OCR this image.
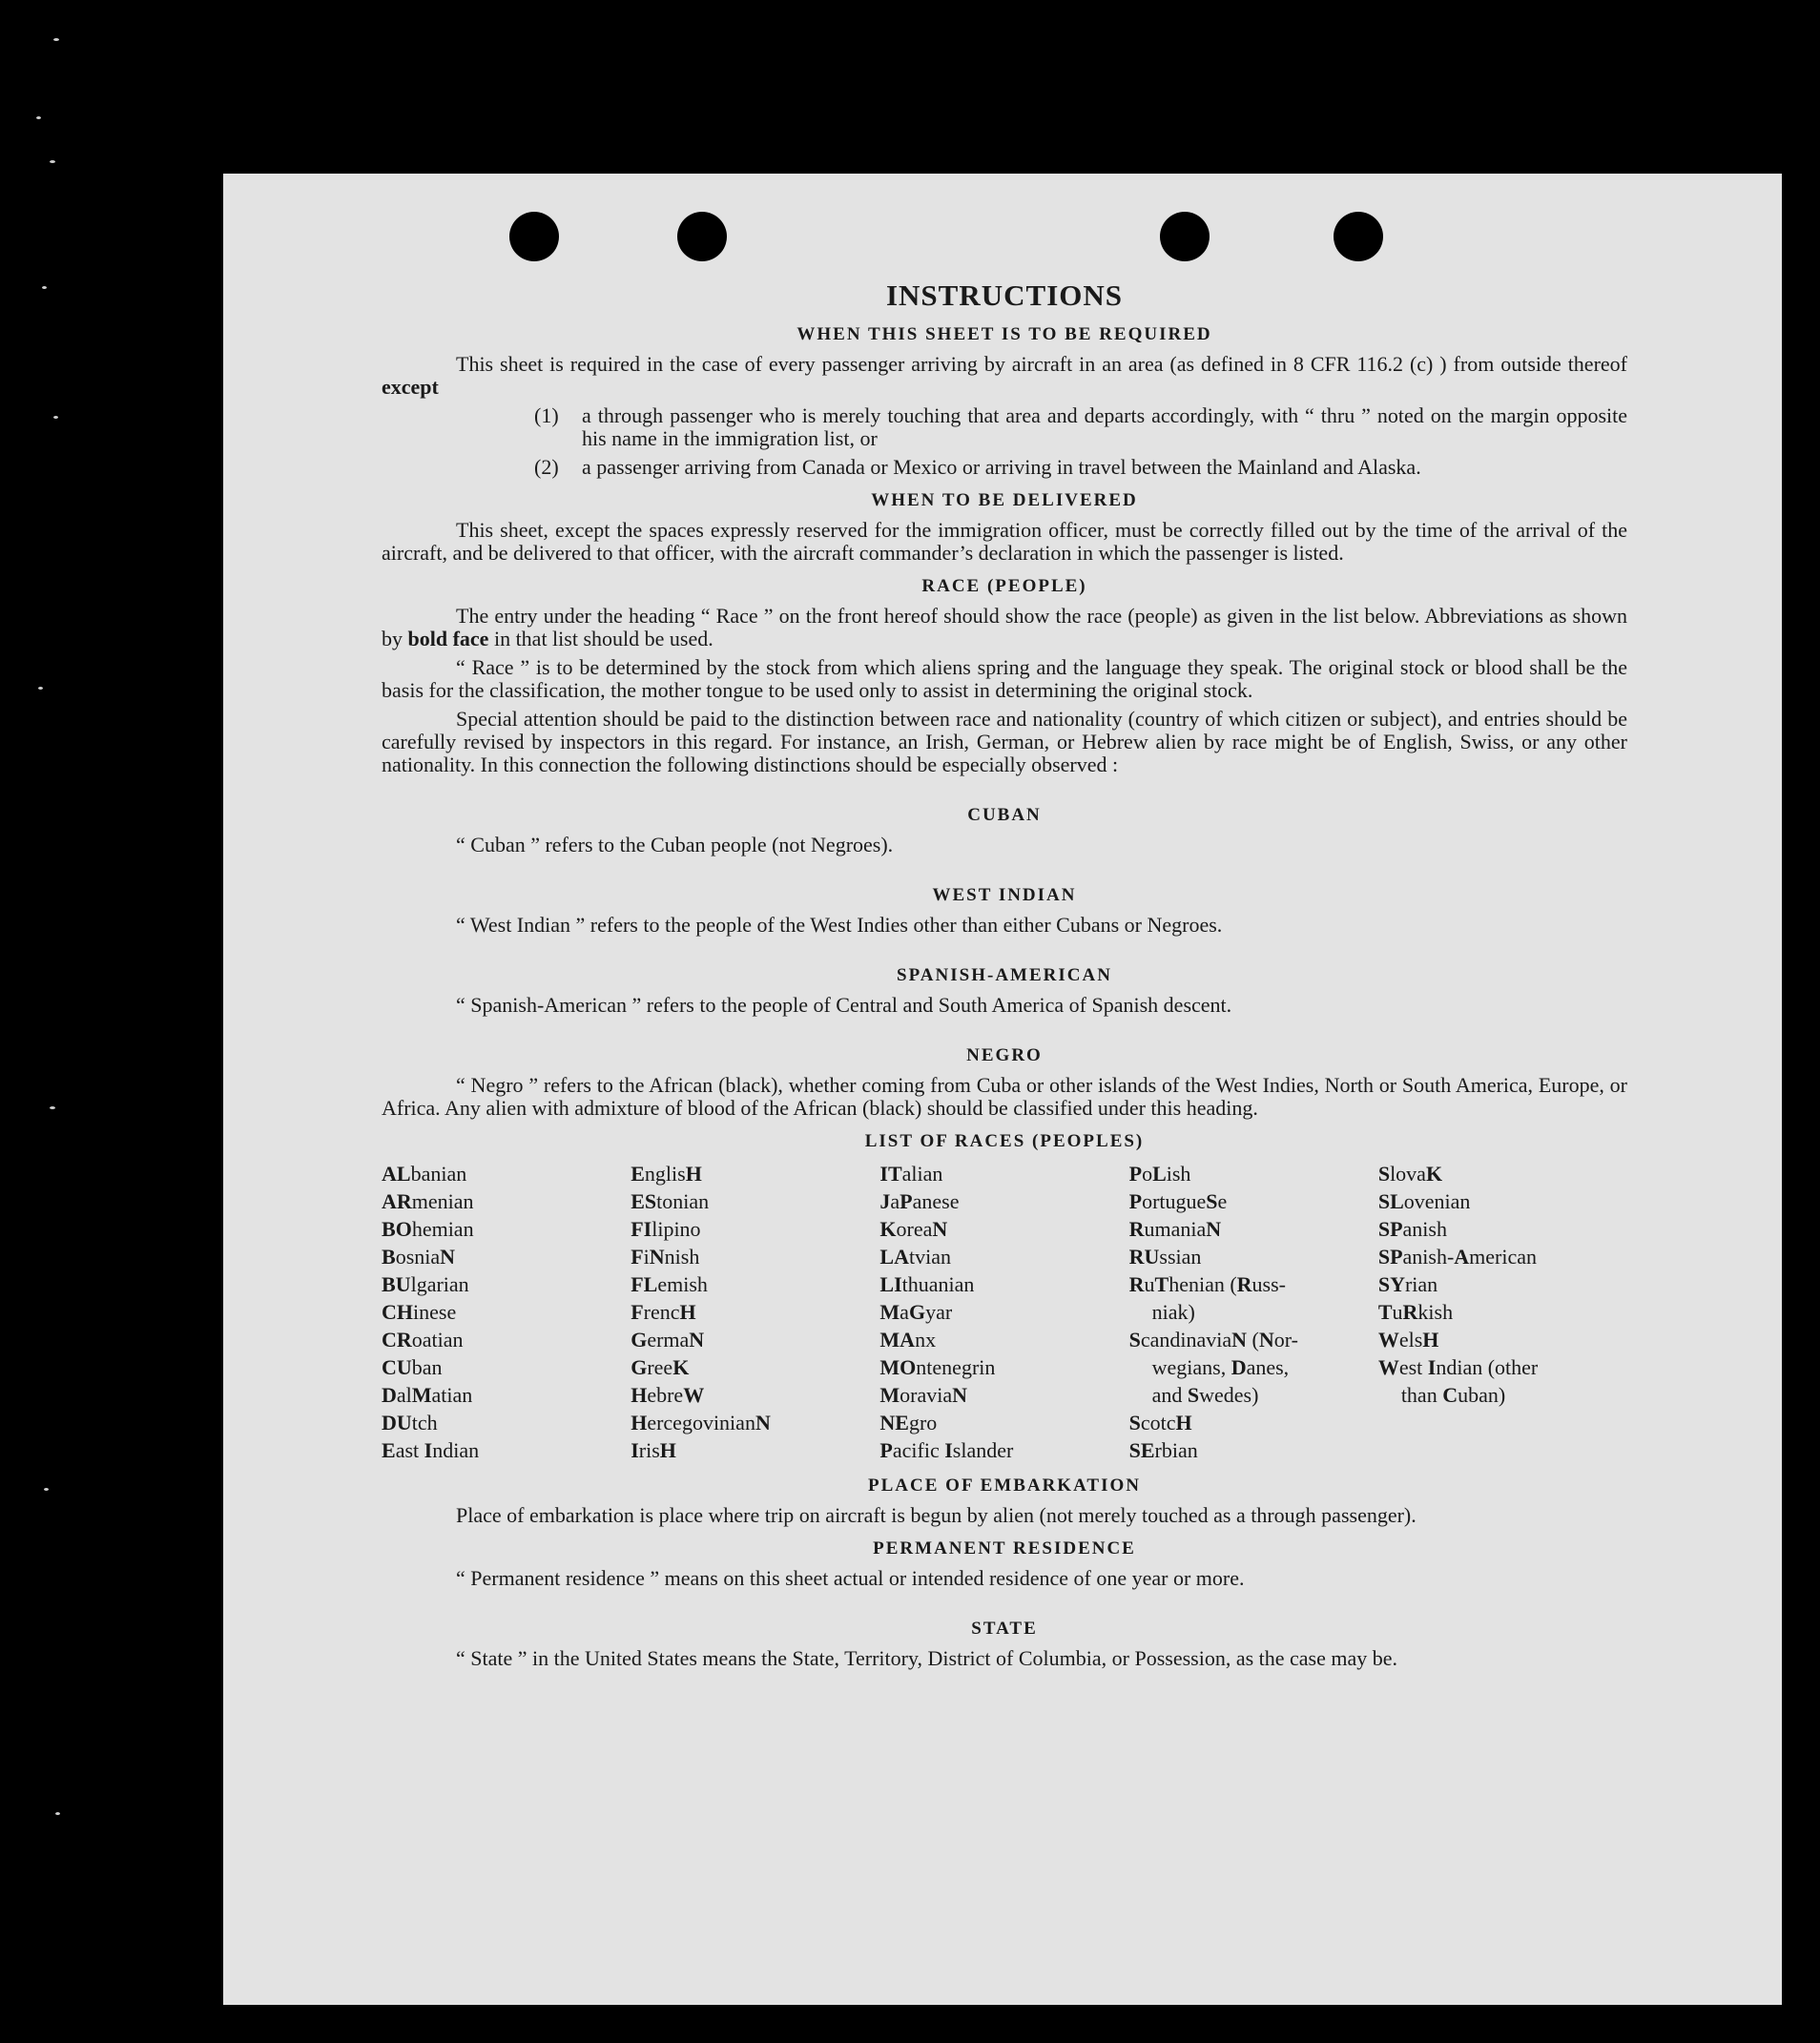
INSTRUCTIONS
WHEN THIS SHEET IS TO BE REQUIRED

This sheet is required in the case of every passenger arriving by aircraft in an area (as defined in 8 CFR 116.2 (c) ) from outside thereof except

(1)	a through passenger who is merely touching that area and departs accordingly, with “ thru ” noted on the margin opposite his name in the immigration list, or
(2)	a passenger arriving from Canada or Mexico or arriving in travel between the Mainland and Alaska.
WHEN TO BE DELIVERED

This sheet, except the spaces expressly reserved for the immigration officer, must be correctly filled out by the time of the arrival of the aircraft, and be delivered to that officer, with the aircraft commander’s declaration in which the passenger is listed.

RACE (PEOPLE)

The entry under the heading “ Race ” on the front hereof should show the race (people) as given in the list below. Abbreviations as shown by bold face in that list should be used.

“ Race ” is to be determined by the stock from which aliens spring and the language they speak. The original stock or blood shall be the basis for the classification, the mother tongue to be used only to assist in determining the original stock.

Special attention should be paid to the distinction between race and nationality (country of which citizen or subject), and entries should be carefully revised by inspectors in this regard. For instance, an Irish, German, or Hebrew alien by race might be of English, Swiss, or any other nationality. In this connection the following distinctions should be especially observed :

CUBAN

“ Cuban ” refers to the Cuban people (not Negroes).

WEST INDIAN

“ West Indian ” refers to the people of the West Indies other than either Cubans or Negroes.

SPANISH-AMERICAN

“ Spanish-American ” refers to the people of Central and South America of Spanish descent.

NEGRO

“ Negro ” refers to the African (black), whether coming from Cuba or other islands of the West Indies, North or South America, Europe, or Africa. Any alien with admixture of blood of the African (black) should be classified under this heading.

LIST OF RACES (PEOPLES)
ALbanian
ARmenian
BOhemian
BosniaN
BUlgarian
CHinese
CRoatian
CUban
DalMatian
DUtch
East Indian
EnglisH
EStonian
FIlipino
FiNnish
FLemish
FrencH
GermaN
GreeK
HebreW
HercegovinianN
IrisH
ITalian
JaPanese
KoreaN
LAtvian
LIthuanian
MaGyar
MAnx
MOntenegrin
MoraviaN
NEgro
Pacific Islander
PoLish
PortugueSe
RumaniaN
RUssian
RuThenian (Russ-
niak)
ScandinaviaN (Nor-
wegians, Danes,
and Swedes)
ScotcH
SErbian
SlovaK
SLovenian
SPanish
SPanish-American
SYrian
TuRkish
WelsH
West Indian (other
than Cuban)
PLACE OF EMBARKATION

Place of embarkation is place where trip on aircraft is begun by alien (not merely touched as a through passenger).

PERMANENT RESIDENCE

“ Permanent residence ” means on this sheet actual or intended residence of one year or more.

STATE

“ State ” in the United States means the State, Territory, District of Columbia, or Possession, as the case may be.
